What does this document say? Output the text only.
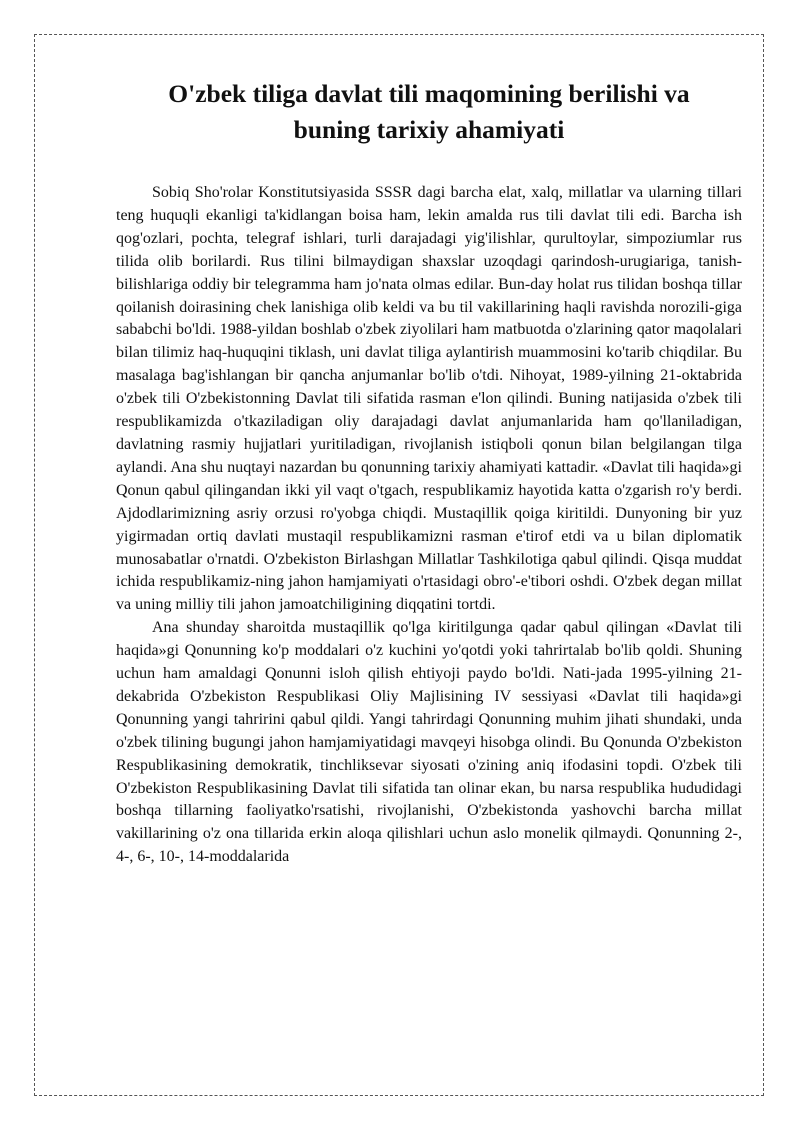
O'zbek tiliga davlat tili maqomining berilishi va buning tarixiy ahamiyati

Sobiq Sho'rolar Konstitutsiyasida SSSR dagi barcha elat, xalq, millatlar va ularning tillari teng huquqli ekanligi ta'kidlangan boisa ham, lekin amalda rus tili davlat tili edi. Barcha ish qog'ozlari, pochta, telegraf ishlari, turli darajadagi yig'ilishlar, qurultoylar, simpoziumlar rus tilida olib borilardi. Rus tilini bilmaydigan shaxslar uzoqdagi qarindosh-urugiariga, tanish-bilishlariga oddiy bir telegramma ham jo'nata olmas edilar. Bun-day holat rus tilidan boshqa tillar qoilanish doirasining chek lanishiga olib keldi va bu til vakillarining haqli ravishda norozili-giga sababchi bo'ldi. 1988-yildan boshlab o'zbek ziyolilari ham matbuotda o'zlarining qator maqolalari bilan tilimiz haq-huquqini tiklash, uni davlat tiliga aylantirish muammosini ko'tarib chiqdilar. Bu masalaga bag'ishlangan bir qancha anjumanlar bo'lib o'tdi. Nihoyat, 1989-yilning 21-oktabrida o'zbek tili O'zbekistonning Davlat tili sifatida rasman e'lon qilindi. Buning natijasida o'zbek tili respublikamizda o'tkaziladigan oliy darajadagi davlat anjumanlarida ham qo'llaniladigan, davlatning rasmiy hujjatlari yuritiladigan, rivojlanish istiqboli qonun bilan belgilangan tilga aylandi. Ana shu nuqtayi nazardan bu qonunning tarixiy ahamiyati kattadir. «Davlat tili haqida»gi Qonun qabul qilingandan ikki yil vaqt o'tgach, respublikamiz hayotida katta o'zgarish ro'y berdi. Ajdodlarimizning asriy orzusi ro'yobga chiqdi. Mustaqillik qoiga kiritildi. Dunyoning bir yuz yigirmadan ortiq davlati mustaqil respublikamizni rasman e'tirof etdi va u bilan diplomatik munosabatlar o'rnatdi. O'zbekiston Birlashgan Millatlar Tashkilotiga qabul qilindi. Qisqa muddat ichida respublikamiz-ning jahon hamjamiyati o'rtasidagi obro'-e'tibori oshdi. O'zbek degan millat va uning milliy tili jahon jamoatchiligining diqqatini tortdi.

Ana shunday sharoitda mustaqillik qo'lga kiritilgunga qadar qabul qilingan «Davlat tili haqida»gi Qonunning ko'p moddalari o'z kuchini yo'qotdi yoki tahrirtalab bo'lib qoldi. Shuning uchun ham amaldagi Qonunni isloh qilish ehtiyoji paydo bo'ldi. Nati-jada 1995-yilning 21-dekabrida O'zbekiston Respublikasi Oliy Majlisining IV sessiyasi «Davlat tili haqida»gi Qonunning yangi tahririni qabul qildi. Yangi tahrirdagi Qonunning muhim jihati shundaki, unda o'zbek tilining bugungi jahon hamjamiyatidagi mavqeyi hisobga olindi. Bu Qonunda O'zbekiston Respublikasining demokratik, tinchliksevar siyosati o'zining aniq ifodasini topdi. O'zbek tili O'zbekiston Respublikasining Davlat tili sifatida tan olinar ekan, bu narsa respublika hududidagi boshqa tillarning faoliyatko'rsatishi, rivojlanishi, O'zbekistonda yashovchi barcha millat vakillarining o'z ona tillarida erkin aloqa qilishlari uchun aslo monelik qilmaydi. Qonunning 2-, 4-, 6-, 10-, 14-moddalarida
